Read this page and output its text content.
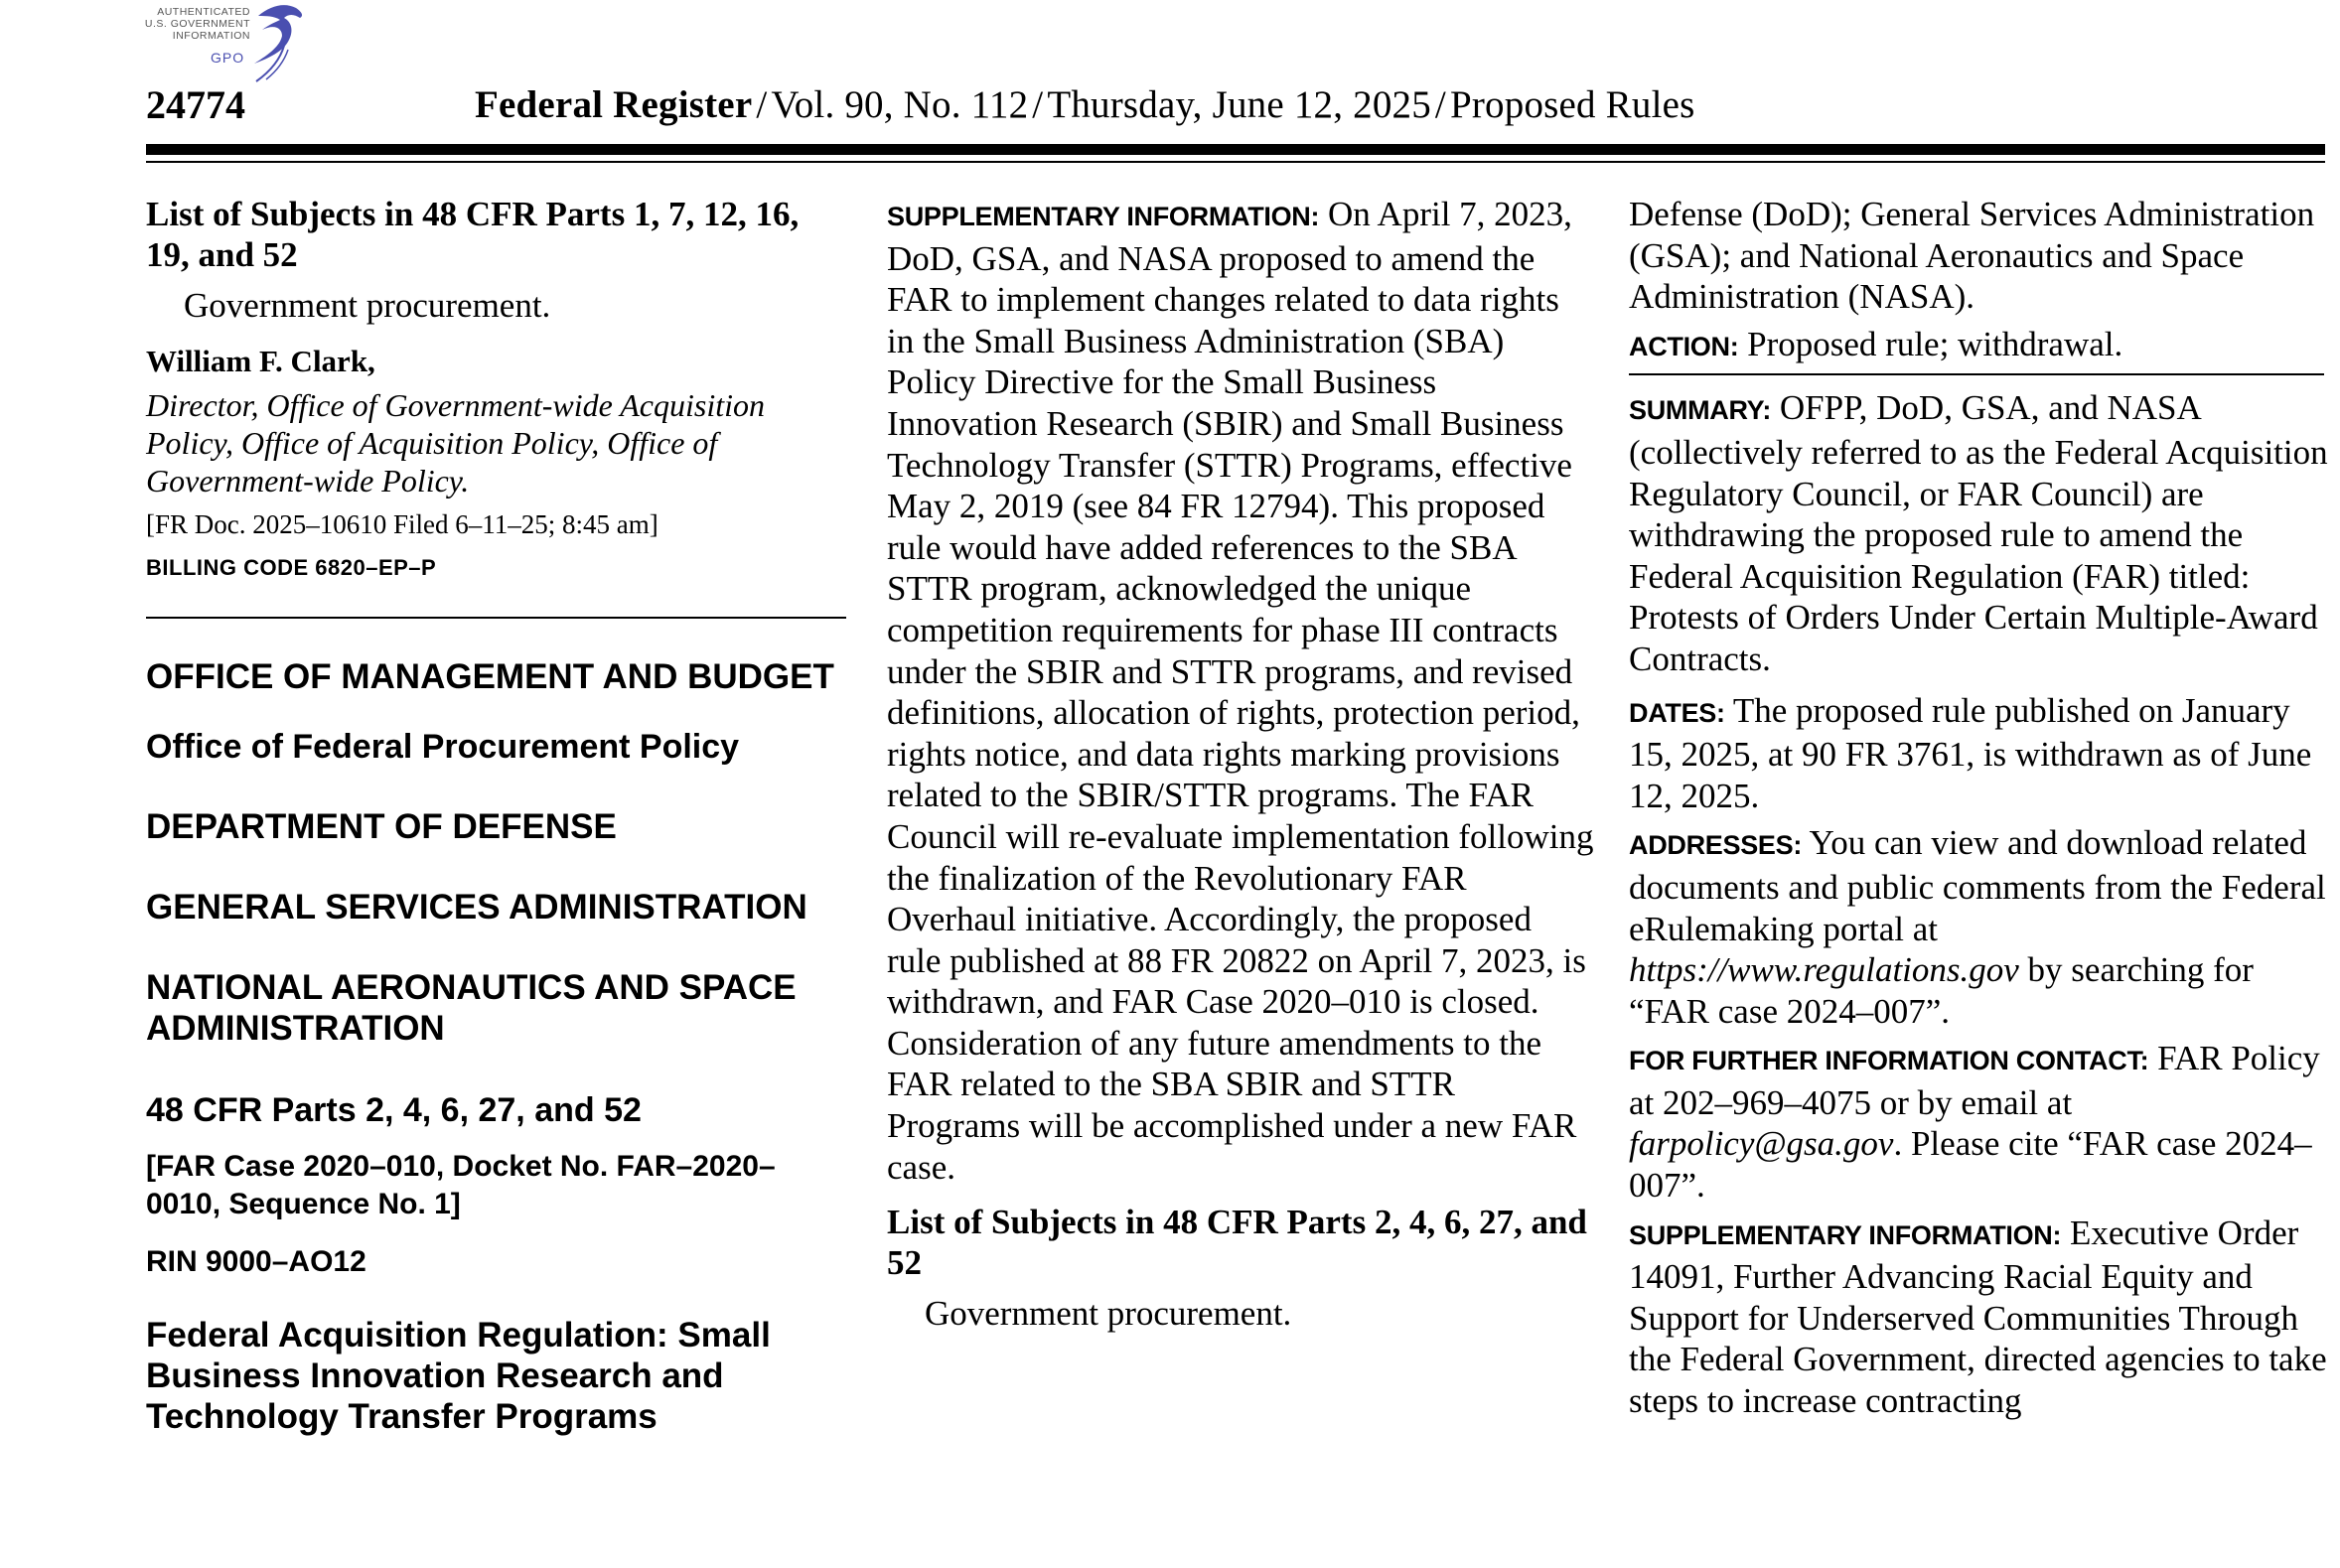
AUTHENTICATED
U.S. GOVERNMENT
INFORMATION
GPO
24774	Federal Register / Vol. 90, No. 112 / Thursday, June 12, 2025 / Proposed Rules

List of Subjects in 48 CFR Parts 1, 7, 12, 16, 19, and 52

Government procurement.

William F. Clark,

Director, Office of Government-wide Acquisition Policy, Office of Acquisition Policy, Office of Government-wide Policy.

[FR Doc. 2025–10610 Filed 6–11–25; 8:45 am]

BILLING CODE 6820–EP–P

OFFICE OF MANAGEMENT AND BUDGET

Office of Federal Procurement Policy

DEPARTMENT OF DEFENSE

GENERAL SERVICES ADMINISTRATION

NATIONAL AERONAUTICS AND SPACE ADMINISTRATION

48 CFR Parts 2, 4, 6, 27, and 52

[FAR Case 2020–010, Docket No. FAR–2020–0010, Sequence No. 1]

RIN 9000–AO12

Federal Acquisition Regulation: Small Business Innovation Research and Technology Transfer Programs

SUPPLEMENTARY INFORMATION: On April 7, 2023, DoD, GSA, and NASA proposed to amend the FAR to implement changes related to data rights in the Small Business Administration (SBA) Policy Directive for the Small Business Innovation Research (SBIR) and Small Business Technology Transfer (STTR) Programs, effective May 2, 2019 (see 84 FR 12794). This proposed rule would have added references to the SBA STTR program, acknowledged the unique competition requirements for phase III contracts under the SBIR and STTR programs, and revised definitions, allocation of rights, protection period, rights notice, and data rights marking provisions related to the SBIR/STTR programs. The FAR Council will re-evaluate implementation following the finalization of the Revolutionary FAR Overhaul initiative. Accordingly, the proposed rule published at 88 FR 20822 on April 7, 2023, is withdrawn, and FAR Case 2020–010 is closed. Consideration of any future amendments to the FAR related to the SBA SBIR and STTR Programs will be accomplished under a new FAR case.

List of Subjects in 48 CFR Parts 2, 4, 6, 27, and 52

Government procurement.

Defense (DoD); General Services Administration (GSA); and National Aeronautics and Space Administration (NASA).

ACTION: Proposed rule; withdrawal.

SUMMARY: OFPP, DoD, GSA, and NASA (collectively referred to as the Federal Acquisition Regulatory Council, or FAR Council) are withdrawing the proposed rule to amend the Federal Acquisition Regulation (FAR) titled: Protests of Orders Under Certain Multiple-Award Contracts.

DATES: The proposed rule published on January 15, 2025, at 90 FR 3761, is withdrawn as of June 12, 2025.

ADDRESSES: You can view and download related documents and public comments from the Federal eRulemaking portal at https://www.regulations.gov by searching for “FAR case 2024–007”.

FOR FURTHER INFORMATION CONTACT: FAR Policy at 202–969–4075 or by email at farpolicy@gsa.gov. Please cite “FAR case 2024–007”.

SUPPLEMENTARY INFORMATION: Executive Order 14091, Further Advancing Racial Equity and Support for Underserved Communities Through the Federal Government, directed agencies to take steps to increase contracting
